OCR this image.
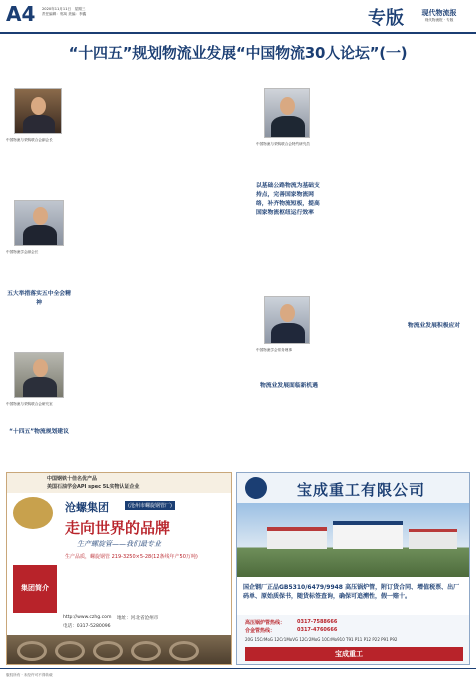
A4 2020年11月11日　星期三
责任编辑：郭凤 美编：李鑫	专版	现代物流报
现代物流报 · 专版
“十四五”规划物流业发展“中国物流30人论坛”(一)
中国物流与采购联合会副会长
中国物流学会副会长
五大举措落实五中全会精神
中国物流与采购联合会研究室
“十四五”物流规划建议
中国物流与采购联合会特约研究员
以基础公路物流为基础支持点，完善国家物流网络，补齐物流短板，提高国家物流枢纽运行效率
中国物流学会常务理事
物流业发展面临新机遇
物流业发展积极应对
中国钢铁十佳名优产品
美国石油学会API spec 5L实物认证企业
沧螺集团	(沧州市螺旋钢管厂)
走向世界的品牌
生产螺旋管——我们最专业
生产品质，螺旋钢管 219-3250×5-28(12条线年产50万吨)
集团简介
http://www.czhg.com 地址：河北省沧州市
电话：0317-5280096
宝成重工有限公司
国企钢厂正品GB5310/6479/9948 高压锅炉管，附订货合同、增值税票、出厂码单、原始质保书，随货标签查询，确保可追溯性，假一赔十。
高压锅炉管热线： 0317-7588666
合金管热线：	0317-4760666
20G 15CrMoG 12Cr1MoVG 12Cr2MoG 10CrMo910 T91 P11 P12 P22 P91 P92
宝成重工
版权所有 · 未经许可不得转载
